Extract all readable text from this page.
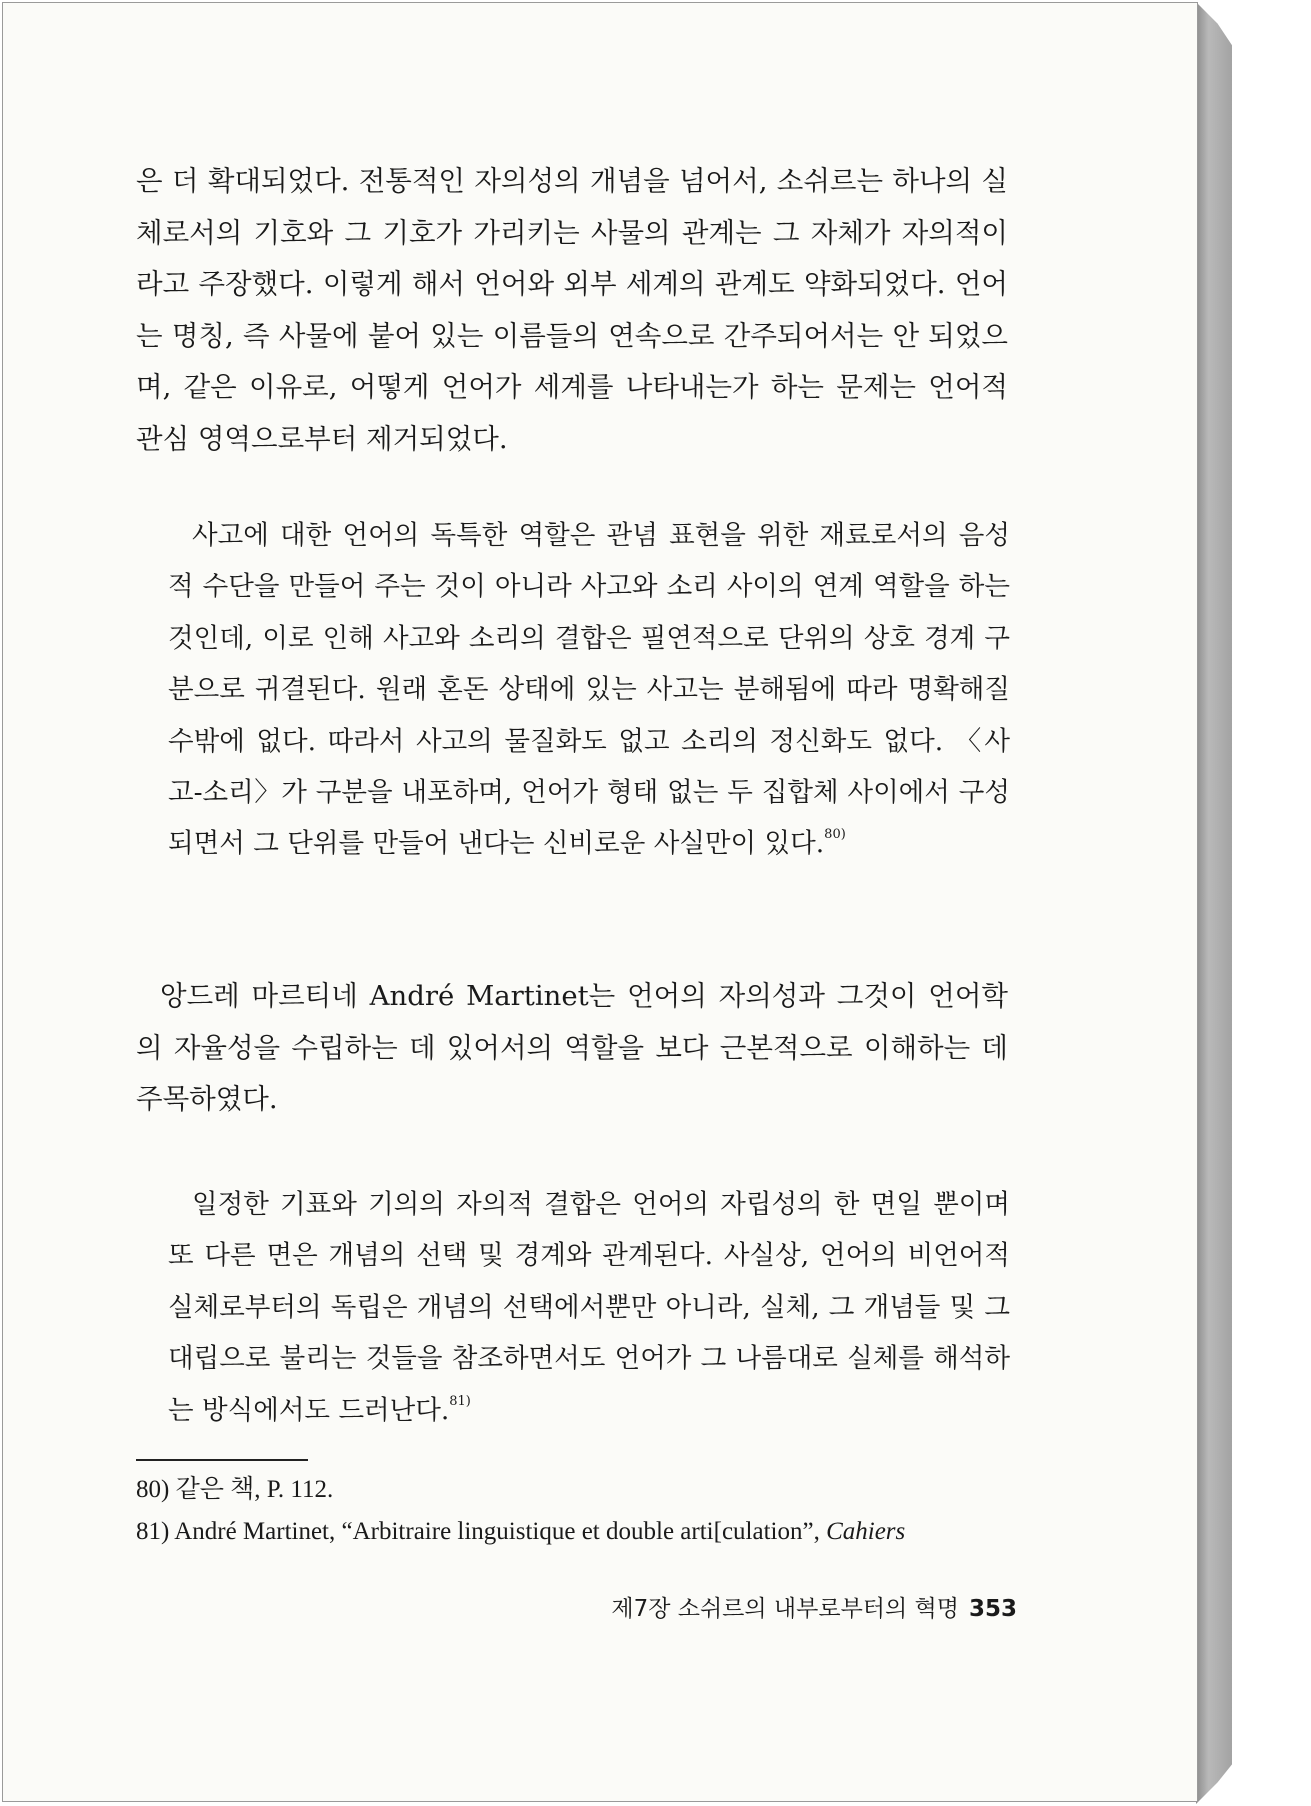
은 더 확대되었다. 전통적인 자의성의 개념을 넘어서, 소쉬르는 하나의 실체로서의 기호와 그 기호가 가리키는 사물의 관계는 그 자체가 자의적이라고 주장했다. 이렇게 해서 언어와 외부 세계의 관계도 약화되었다. 언어는 명칭, 즉 사물에 붙어 있는 이름들의 연속으로 간주되어서는 안 되었으며, 같은 이유로, 어떻게 언어가 세계를 나타내는가 하는 문제는 언어적 관심 영역으로부터 제거되었다.

사고에 대한 언어의 독특한 역할은 관념 표현을 위한 재료로서의 음성적 수단을 만들어 주는 것이 아니라 사고와 소리 사이의 연계 역할을 하는 것인데, 이로 인해 사고와 소리의 결합은 필연적으로 단위의 상호 경계 구분으로 귀결된다. 원래 혼돈 상태에 있는 사고는 분해됨에 따라 명확해질 수밖에 없다. 따라서 사고의 물질화도 없고 소리의 정신화도 없다. 〈사고-소리〉가 구분을 내포하며, 언어가 형태 없는 두 집합체 사이에서 구성되면서 그 단위를 만들어 낸다는 신비로운 사실만이 있다.$^{80)}$

앙드레 마르티네 André Martinet는 언어의 자의성과 그것이 언어학의 자율성을 수립하는 데 있어서의 역할을 보다 근본적으로 이해하는 데 주목하였다.

일정한 기표와 기의의 자의적 결합은 언어의 자립성의 한 면일 뿐이며 또 다른 면은 개념의 선택 및 경계와 관계된다. 사실상, 언어의 비언어적 실체로부터의 독립은 개념의 선택에서뿐만 아니라, 실체, 그 개념들 및 그 대립으로 불리는 것들을 참조하면서도 언어가 그 나름대로 실체를 해석하는 방식에서도 드러난다.$^{81)}$

80) 같은 책, P. 112.
81) André Martinet, “Arbitraire linguistique et double arti[culation”, Cahiers
제7장 소쉬르의 내부로부터의 혁명 353
